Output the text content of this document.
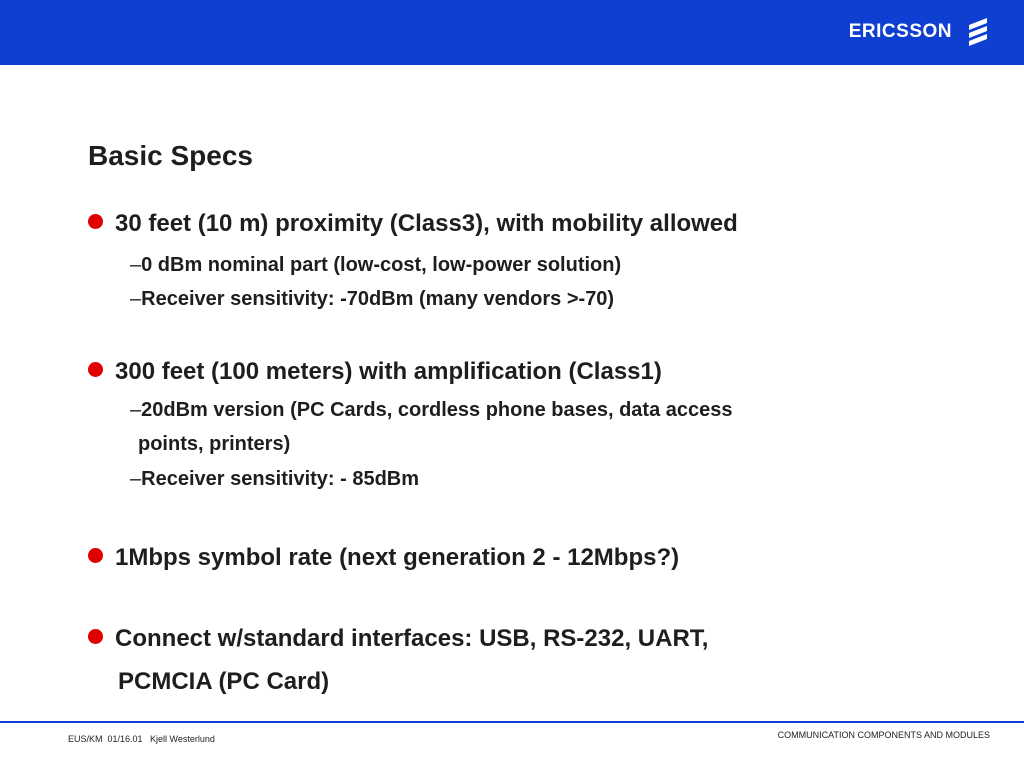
ERICSSON
Basic Specs
30 feet (10 m) proximity (Class3), with mobility allowed
–0 dBm nominal part (low-cost, low-power solution)
–Receiver sensitivity: -70dBm (many vendors >-70)
300 feet (100 meters) with amplification (Class1)
–20dBm version (PC Cards, cordless phone bases, data access
points, printers)
–Receiver sensitivity: - 85dBm
1Mbps symbol rate (next generation 2 - 12Mbps?)
Connect w/standard interfaces: USB, RS-232, UART,
PCMCIA (PC Card)
EUS/KM  01/16.01   Kjell Westerlund	COMMUNICATION COMPONENTS AND MODULES
